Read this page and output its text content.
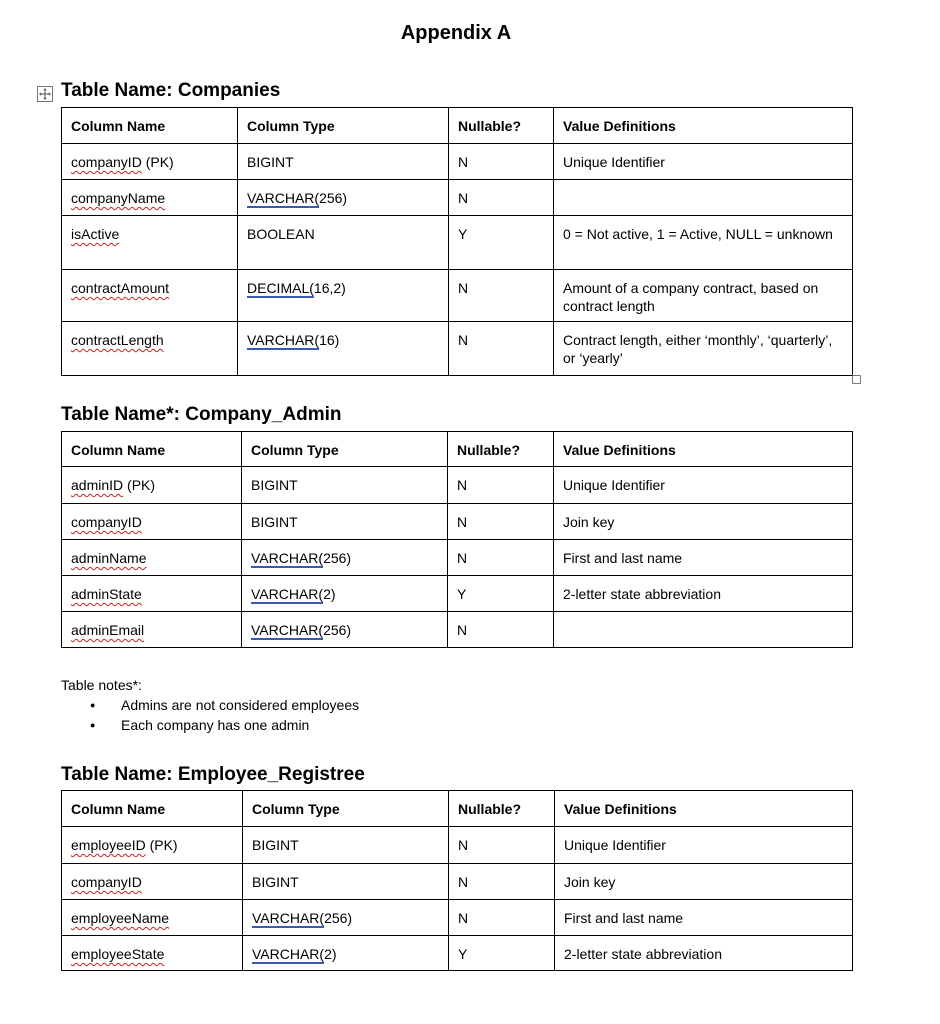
Appendix A
Table Name: Companies
Column Name	Column Type	Nullable?	Value Definitions
companyID (PK)	BIGINT	N	Unique Identifier
companyName	VARCHAR(256)	N	
isActive	BOOLEAN	Y	0 = Not active, 1 = Active, NULL = unknown
contractAmount	DECIMAL(16,2)	N	Amount of a company contract, based on contract length
contractLength	VARCHAR(16)	N	Contract length, either ‘monthly’, ‘quarterly’, or ‘yearly’
Table Name*: Company_Admin
Column Name	Column Type	Nullable?	Value Definitions
adminID (PK)	BIGINT	N	Unique Identifier
companyID	BIGINT	N	Join key
adminName	VARCHAR(256)	N	First and last name
adminState	VARCHAR(2)	Y	2-letter state abbreviation
adminEmail	VARCHAR(256)	N	
Table notes*:
● Admins are not considered employees
● Each company has one admin
Table Name: Employee_Registree
Column Name	Column Type	Nullable?	Value Definitions
employeeID (PK)	BIGINT	N	Unique Identifier
companyID	BIGINT	N	Join key
employeeName	VARCHAR(256)	N	First and last name
employeeState	VARCHAR(2)	Y	2-letter state abbreviation
